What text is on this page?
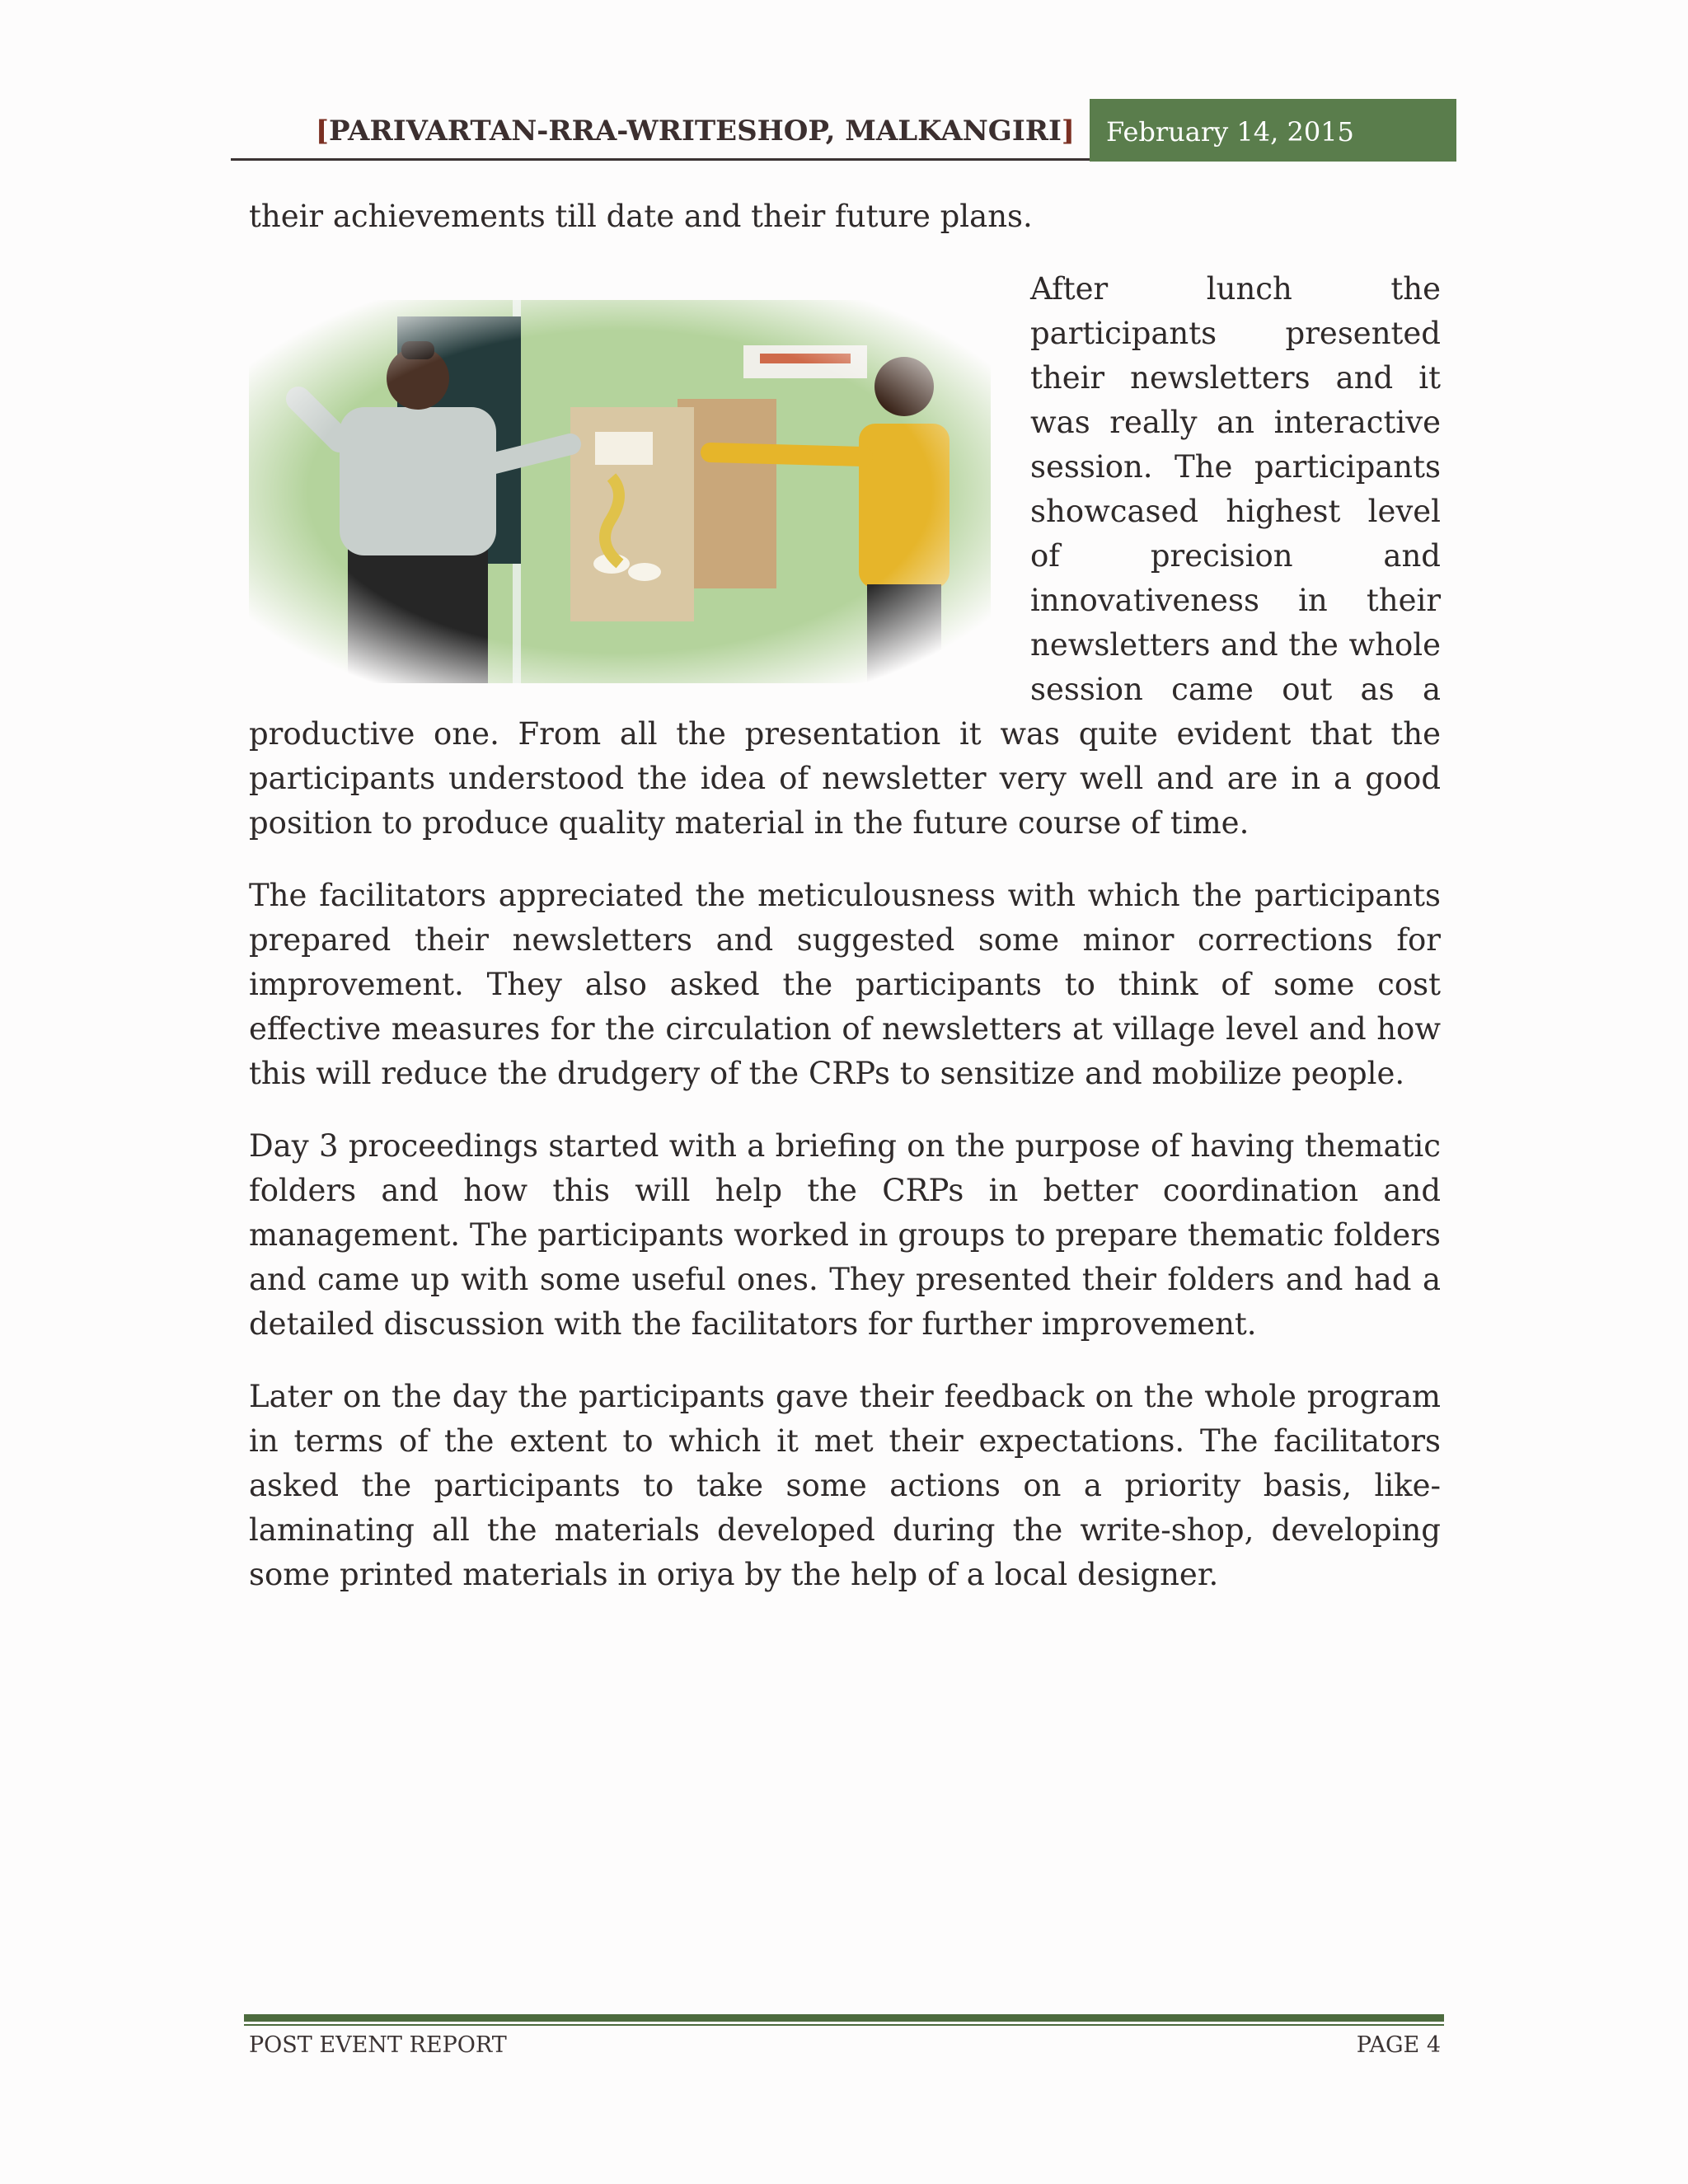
[PARIVARTAN-RRA-WRITESHOP, MALKANGIRI]	February 14, 2015

their achievements till date and their future plans.

After lunch the participants presented their newsletters and it was really an interactive session. The participants showcased highest level of precision and innovativeness in their newsletters and the whole session came out as a productive one. From all the presentation it was quite evident that the participants understood the idea of newsletter very well and are in a good position to produce quality material in the future course of time.

The facilitators appreciated the meticulousness with which the participants prepared their newsletters and suggested some minor corrections for improvement. They also asked the participants to think of some cost effective measures for the circulation of newsletters at village level and how this will reduce the drudgery of the CRPs to sensitize and mobilize people.

Day 3 proceedings started with a briefing on the purpose of having thematic folders and how this will help the CRPs in better coordination and management. The participants worked in groups to prepare thematic folders and came up with some useful ones. They presented their folders and had a detailed discussion with the facilitators for further improvement.

Later on the day the participants gave their feedback on the whole program in terms of the extent to which it met their expectations. The facilitators asked the participants to take some actions on a priority basis, like- laminating all the materials developed during the write-shop, developing some printed materials in oriya by the help of a local designer.

POST EVENT REPORT	PAGE 4
